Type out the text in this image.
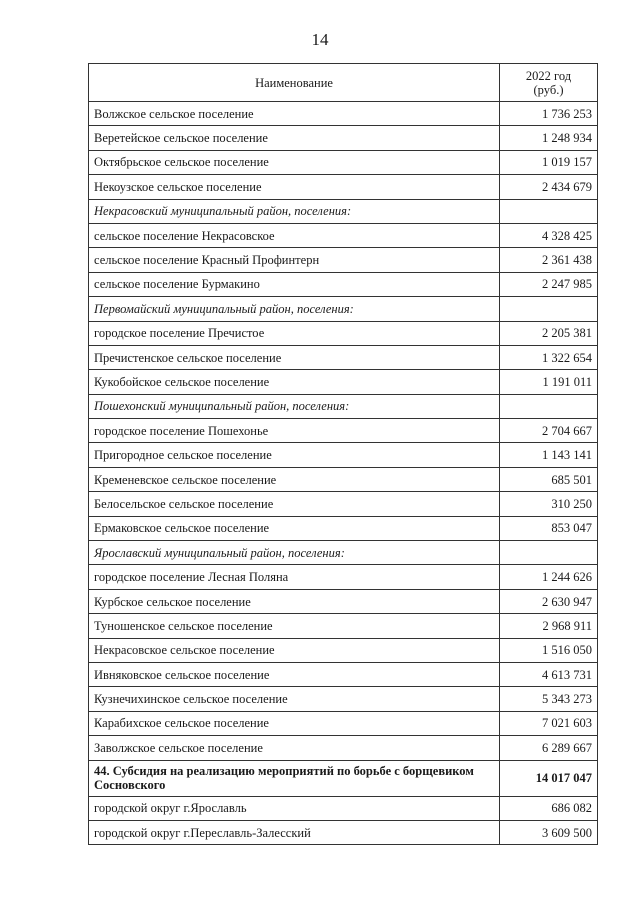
14
Наименование	2022 год
(руб.)
Волжское сельское поселение	1 736 253
Веретейское сельское поселение	1 248 934
Октябрьское сельское поселение	1 019 157
Некоузское сельское поселение	2 434 679
Некрасовский муниципальный район, поселения:	
сельское поселение Некрасовское	4 328 425
сельское поселение Красный Профинтерн	2 361 438
сельское поселение Бурмакино	2 247 985
Первомайский муниципальный район, поселения:	
городское поселение Пречистое	2 205 381
Пречистенское сельское поселение	1 322 654
Кукобойское сельское поселение	1 191 011
Пошехонский муниципальный район, поселения:	
городское поселение Пошехонье	2 704 667
Пригородное сельское поселение	1 143 141
Кременевское сельское поселение	685 501
Белосельское сельское поселение	310 250
Ермаковское сельское поселение	853 047
Ярославский муниципальный район, поселения:	
городское поселение Лесная Поляна	1 244 626
Курбское сельское поселение	2 630 947
Туношенское сельское поселение	2 968 911
Некрасовское сельское поселение	1 516 050
Ивняковское сельское поселение	4 613 731
Кузнечихинское сельское поселение	5 343 273
Карабихское сельское поселение	7 021 603
Заволжское сельское поселение	6 289 667
44. Субсидия на реализацию мероприятий по борьбе с борщевиком Сосновского	14 017 047
городской округ г.Ярославль	686 082
городской округ г.Переславль-Залесский	3 609 500
